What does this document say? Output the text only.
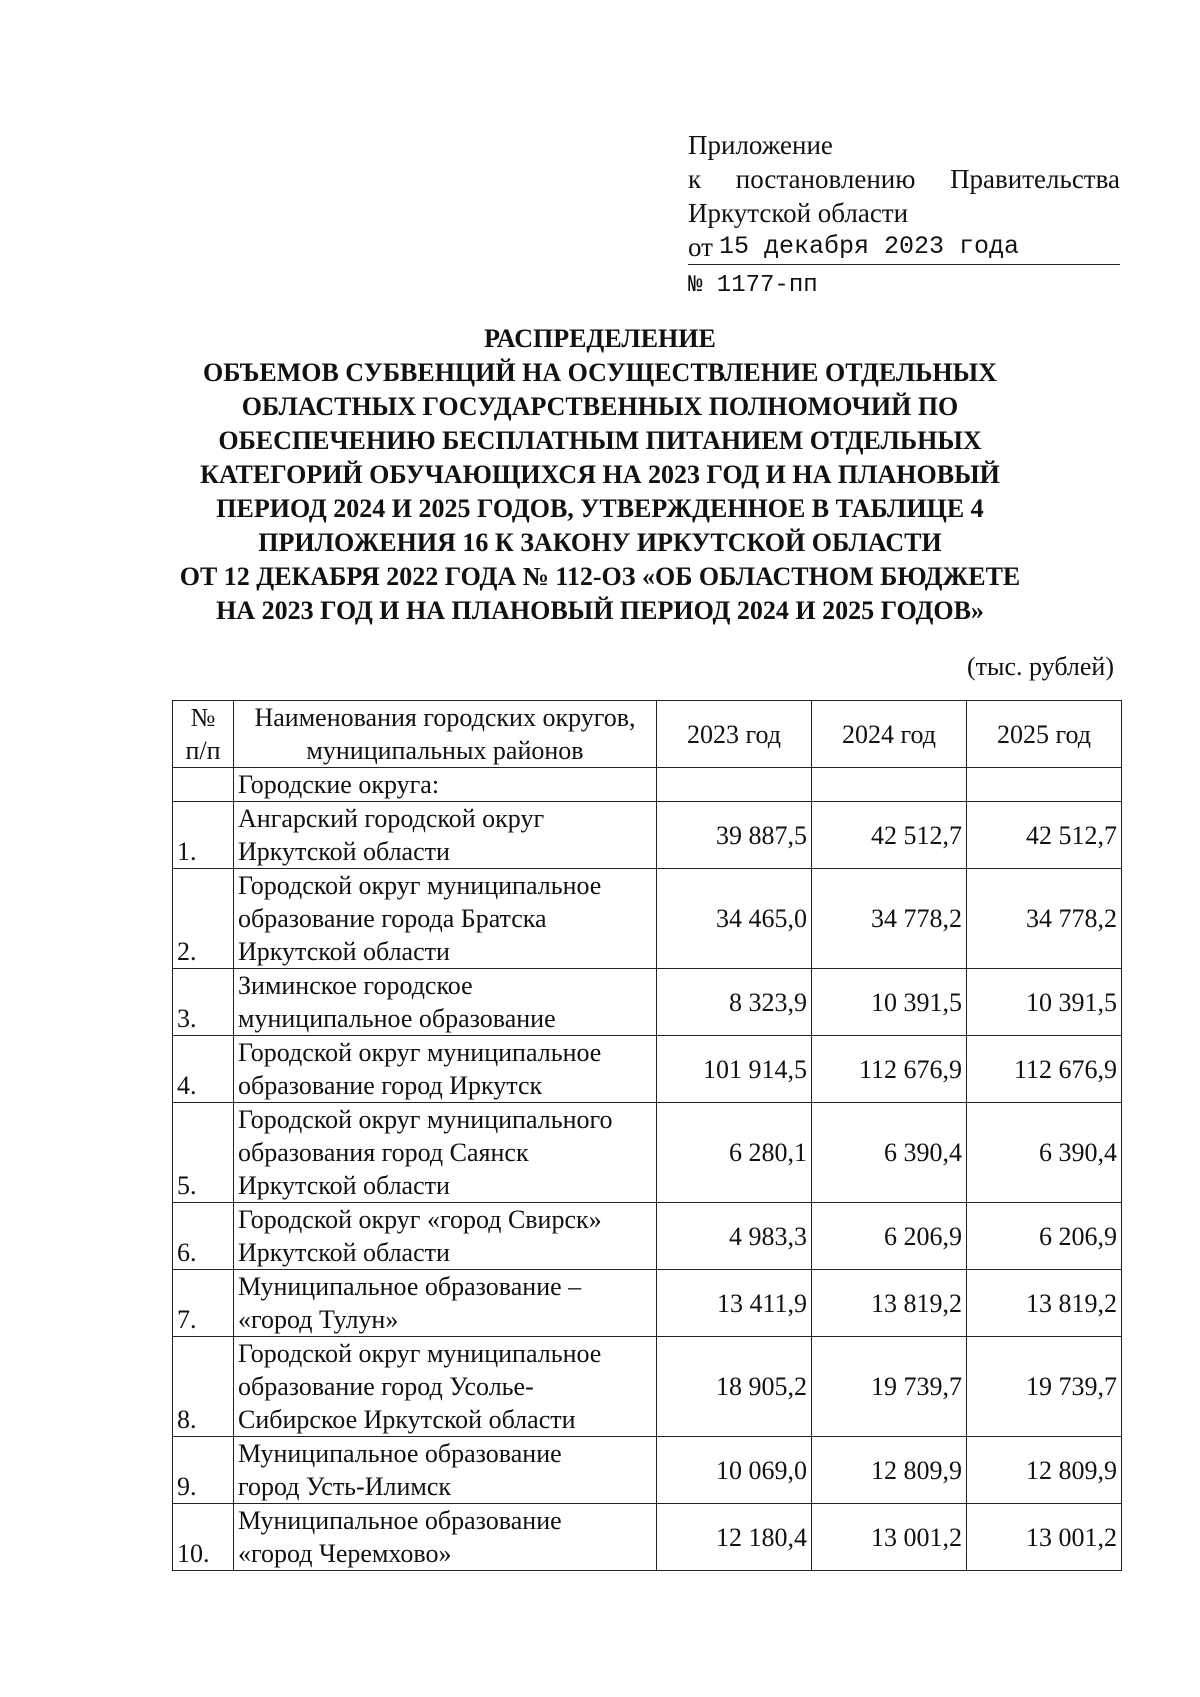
Приложение
к постановлению Правительства
Иркутской области
от 15 декабря 2023 года
№ 1177-пп
РАСПРЕДЕЛЕНИЕ
ОБЪЕМОВ СУБВЕНЦИЙ НА ОСУЩЕСТВЛЕНИЕ ОТДЕЛЬНЫХ
ОБЛАСТНЫХ ГОСУДАРСТВЕННЫХ ПОЛНОМОЧИЙ ПО
ОБЕСПЕЧЕНИЮ БЕСПЛАТНЫМ ПИТАНИЕМ ОТДЕЛЬНЫХ
КАТЕГОРИЙ ОБУЧАЮЩИХСЯ НА 2023 ГОД И НА ПЛАНОВЫЙ
ПЕРИОД 2024 И 2025 ГОДОВ, УТВЕРЖДЕННОЕ В ТАБЛИЦЕ 4
ПРИЛОЖЕНИЯ 16 К ЗАКОНУ ИРКУТСКОЙ ОБЛАСТИ
ОТ 12 ДЕКАБРЯ 2022 ГОДА № 112-ОЗ «ОБ ОБЛАСТНОМ БЮДЖЕТЕ
НА 2023 ГОД И НА ПЛАНОВЫЙ ПЕРИОД 2024 И 2025 ГОДОВ»
(тыс. рублей)
№
п/п	Наименования городских округов,
муниципальных районов	2023 год	2024 год	2025 год
	Городские округа:			
1.	Ангарский городской округ
Иркутской области	39 887,5	42 512,7	42 512,7
2.	Городской округ муниципальное
образование города Братска
Иркутской области	34 465,0	34 778,2	34 778,2
3.	Зиминское городское
муниципальное образование	8 323,9	10 391,5	10 391,5
4.	Городской округ муниципальное
образование город Иркутск	101 914,5	112 676,9	112 676,9
5.	Городской округ муниципального
образования город Саянск
Иркутской области	6 280,1	6 390,4	6 390,4
6.	Городской округ «город Свирск»
Иркутской области	4 983,3	6 206,9	6 206,9
7.	Муниципальное образование –
«город Тулун»	13 411,9	13 819,2	13 819,2
8.	Городской округ муниципальное
образование город Усолье-
Сибирское Иркутской области	18 905,2	19 739,7	19 739,7
9.	Муниципальное образование
город Усть-Илимск	10 069,0	12 809,9	12 809,9
10.	Муниципальное образование
«город Черемхово»	12 180,4	13 001,2	13 001,2
